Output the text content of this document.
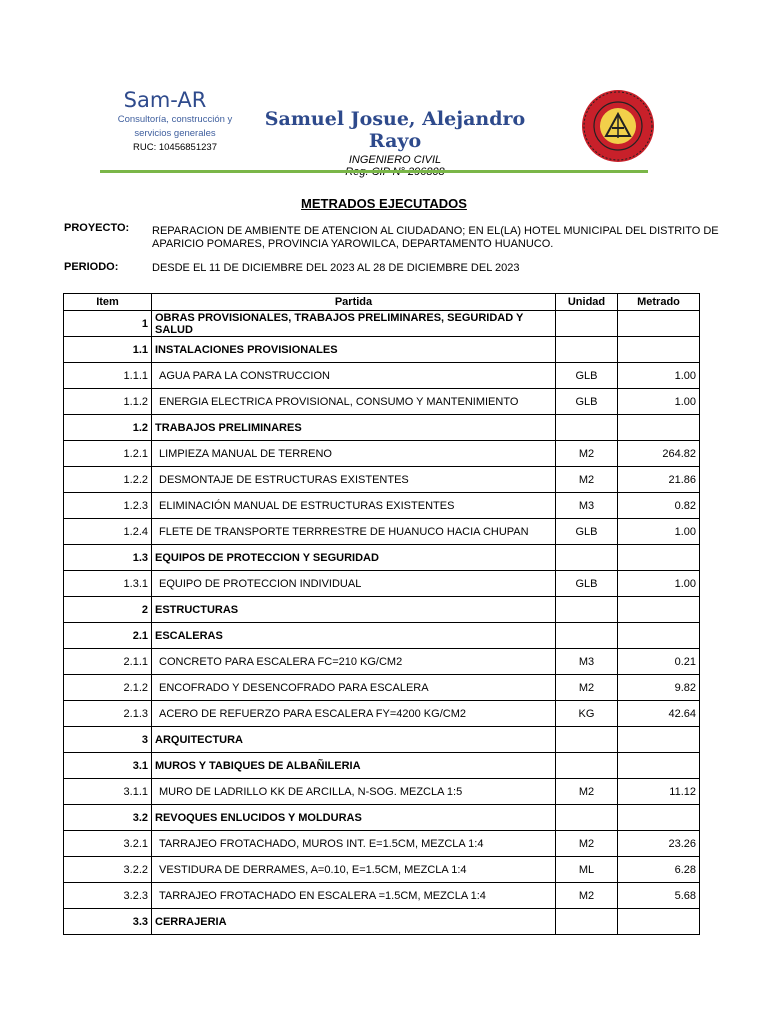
Sam-AR
Consultoría, construcción y
servicios generales
RUC: 10456851237
Samuel Josue, Alejandro Rayo
INGENIERO CIVIL
METRADOS EJECUTADOS
PROYECTO: REPARACION DE AMBIENTE DE ATENCION AL CIUDADANO; EN EL(LA) HOTEL MUNICIPAL DEL DISTRITO DE
APARICIO POMARES, PROVINCIA YAROWILCA, DEPARTAMENTO HUANUCO.
PERIODO:	DESDE EL 11 DE DICIEMBRE DEL 2023 AL 28 DE DICIEMBRE DEL 2023
Item	Partida	Unidad	Metrado
1	OBRAS PROVISIONALES, TRABAJOS PRELIMINARES, SEGURIDAD Y SALUD		
1.1	INSTALACIONES PROVISIONALES		
1.1.1	AGUA PARA LA CONSTRUCCION	GLB	1.00
1.1.2	ENERGIA ELECTRICA PROVISIONAL, CONSUMO Y MANTENIMIENTO	GLB	1.00
1.2	TRABAJOS PRELIMINARES		
1.2.1	LIMPIEZA MANUAL DE TERRENO	M2	264.82
1.2.2	DESMONTAJE DE ESTRUCTURAS EXISTENTES	M2	21.86
1.2.3	ELIMINACIÓN MANUAL DE ESTRUCTURAS EXISTENTES	M3	0.82
1.2.4	FLETE DE TRANSPORTE TERRRESTRE DE HUANUCO HACIA CHUPAN	GLB	1.00
1.3	EQUIPOS DE PROTECCION Y SEGURIDAD		
1.3.1	EQUIPO DE PROTECCION INDIVIDUAL	GLB	1.00
2	ESTRUCTURAS		
2.1	ESCALERAS		
2.1.1	CONCRETO PARA ESCALERA FC=210 KG/CM2	M3	0.21
2.1.2	ENCOFRADO Y DESENCOFRADO PARA ESCALERA	M2	9.82
2.1.3	ACERO DE REFUERZO PARA ESCALERA FY=4200 KG/CM2	KG	42.64
3	ARQUITECTURA		
3.1	MUROS Y TABIQUES DE ALBAÑILERIA		
3.1.1	MURO DE LADRILLO KK DE ARCILLA, N-SOG. MEZCLA 1:5	M2	11.12
3.2	REVOQUES ENLUCIDOS Y MOLDURAS		
3.2.1	TARRAJEO FROTACHADO, MUROS INT. E=1.5CM, MEZCLA 1:4	M2	23.26
3.2.2	VESTIDURA DE DERRAMES, A=0.10, E=1.5CM, MEZCLA 1:4	ML	6.28
3.2.3	TARRAJEO FROTACHADO EN ESCALERA =1.5CM, MEZCLA 1:4	M2	5.68
3.3	CERRAJERIA		
